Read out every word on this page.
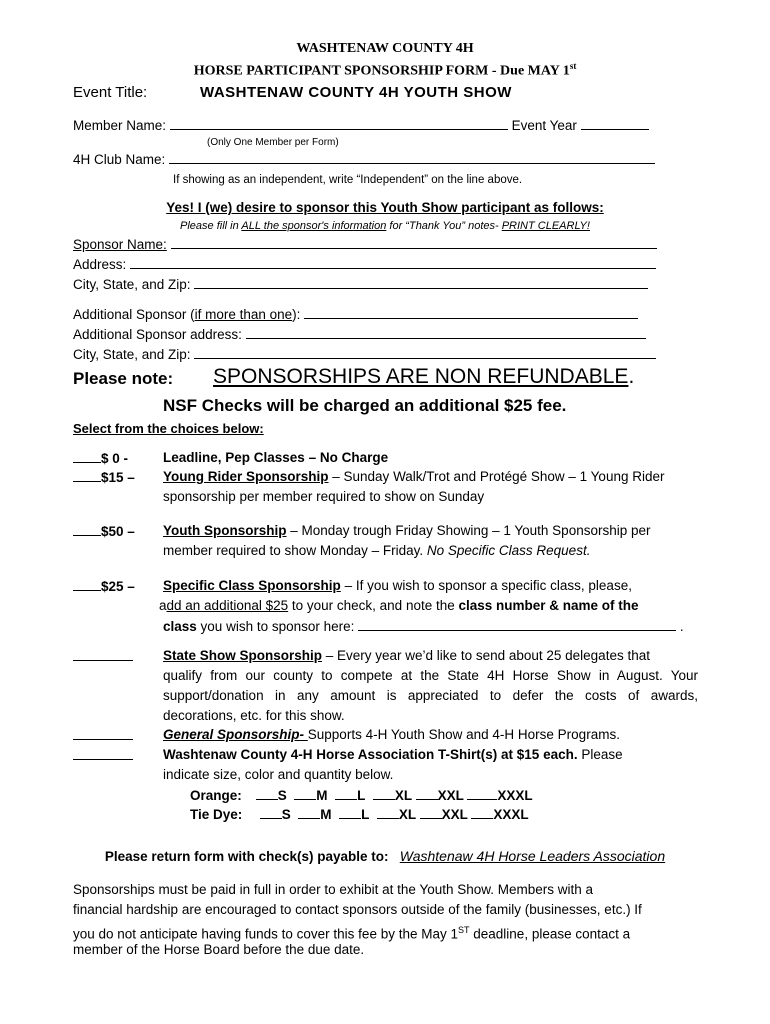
WASHTENAW COUNTY 4H
HORSE PARTICIPANT SPONSORSHIP FORM - Due MAY 1st
Event Title:	WASHTENAW COUNTY 4H YOUTH SHOW
Member Name:	Event Year
(Only One Member per Form)
4H Club Name:
If showing as an independent, write “Independent” on the line above.
Yes! I (we) desire to sponsor this Youth Show participant as follows:
Please fill in ALL the sponsor's information for “Thank You” notes- PRINT CLEARLY!
Sponsor Name:
Address:
City, State, and Zip:
Additional Sponsor (if more than one):
Additional Sponsor address:
City, State, and Zip:
Please note: SPONSORSHIPS ARE NON REFUNDABLE.
NSF Checks will be charged an additional $25 fee.
Select from the choices below:
$ 0 -	Leadline, Pep Classes – No Charge
$15 – Young Rider Sponsorship – Sunday Walk/Trot and Protégé Show – 1 Young Rider
sponsorship per member required to show on Sunday
$50 – Youth Sponsorship – Monday trough Friday Showing – 1 Youth Sponsorship per
member required to show Monday – Friday. No Specific Class Request.
$25 – Specific Class Sponsorship – If you wish to sponsor a specific class, please,
add an additional $25 to your check, and note the class number & name of the
class you wish to sponsor here:	.
State Show Sponsorship – Every year we’d like to send about 25 delegates that
qualify from our county to compete at the State 4H Horse Show in August. Your
support/donation in any amount is appreciated to defer the costs of awards,
decorations, etc. for this show.
General Sponsorship- Supports 4-H Youth Show and 4-H Horse Programs.
Washtenaw County 4-H Horse Association T-Shirt(s) at $15 each. Please
indicate size, color and quantity below.
Orange:	S M L XL XXL	XXXL
Tie Dye:	S M L XL XXL XXXL
Please return form with check(s) payable to: Washtenaw 4H Horse Leaders Association
Sponsorships must be paid in full in order to exhibit at the Youth Show. Members with a
financial hardship are encouraged to contact sponsors outside of the family (businesses, etc.) If
you do not anticipate having funds to cover this fee by the May 1ST deadline, please contact a
member of the Horse Board before the due date.
